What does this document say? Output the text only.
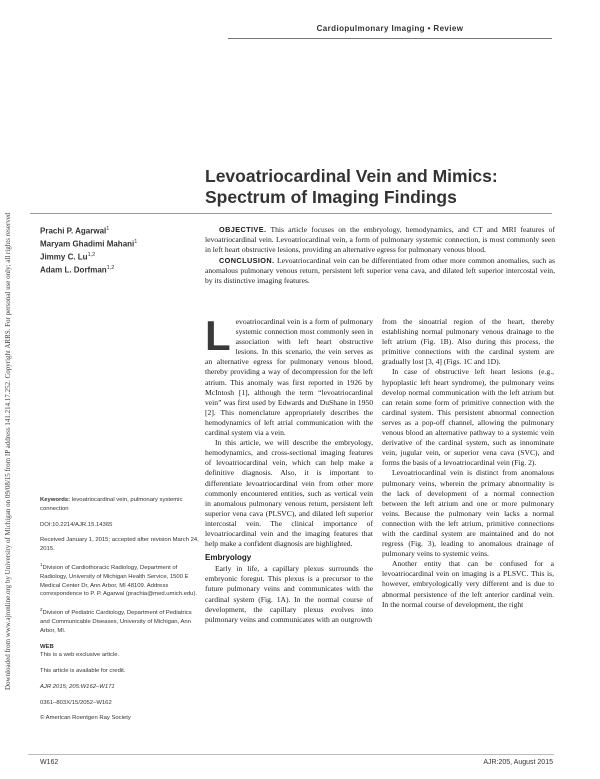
Cardiopulmonary Imaging • Review
Downloaded from www.ajronline.org by University of Michigan on 09/08/15 from IP address 141.214.17.252. Copyright ARRS. For personal use only; all rights reserved
Levoatriocardinal Vein and Mimics: Spectrum of Imaging Findings
Prachi P. Agarwal$^1$
Maryam Ghadimi Mahani$^1$
Jimmy C. Lu$^{1,2}$
Adam L. Dorfman$^{1,2}$

OBJECTIVE. This article focuses on the embryology, hemodynamics, and CT and MRI features of levoatriocardinal vein. Levoatriocardinal vein, a form of pulmonary systemic connection, is most commonly seen in left heart obstructive lesions, providing an alternative egress for pulmonary venous blood.

CONCLUSION. Levoatriocardinal vein can be differentiated from other more common anomalies, such as anomalous pulmonary venous return, persistent left superior vena cava, and dilated left superior intercostal vein, by its distinctive imaging features.

Levoatriocardinal vein is a form of pulmonary systemic connection most commonly seen in association with left heart obstructive lesions. In this scenario, the vein serves as an alternative egress for pulmonary venous blood, thereby providing a way of decompression for the left atrium. This anomaly was first reported in 1926 by McIntosh [1], although the term “levoatriocardinal vein” was first used by Edwards and DuShane in 1950 [2]. This nomenclature appropriately describes the hemodynamics of left atrial communication with the cardinal system via a vein.

In this article, we will describe the embryology, hemodynamics, and cross-sectional imaging features of levoatriocardinal vein, which can help make a definitive diagnosis. Also, it is important to differentiate levoatriocardinal vein from other more commonly encountered entities, such as vertical vein in anomalous pulmonary venous return, persistent left superior vena cava (PLSVC), and dilated left superior intercostal vein. The clinical importance of levoatriocardinal vein and the imaging features that help make a confident diagnosis are highlighted.

Embryology

Early in life, a capillary plexus surrounds the embryonic foregut. This plexus is a precursor to the future pulmonary veins and communicates with the cardinal system (Fig. 1A). In the normal course of development, the capillary plexus evolves into pulmonary veins and communicates with an outgrowth

from the sinoatrial region of the heart, thereby establishing normal pulmonary venous drainage to the left atrium (Fig. 1B). Also during this process, the primitive connections with the cardinal system are gradually lost [3, 4] (Figs. 1C and 1D).

In case of obstructive left heart lesions (e.g., hypoplastic left heart syndrome), the pulmonary veins develop normal communication with the left atrium but can retain some form of primitive connection with the cardinal system. This persistent abnormal connection serves as a pop-off channel, allowing the pulmonary venous blood an alternative pathway to a systemic vein derivative of the cardinal system, such as innominate vein, jugular vein, or superior vena cava (SVC), and forms the basis of a levoatriocardinal vein (Fig. 2).

Levoatriocardinal vein is distinct from anomalous pulmonary veins, wherein the primary abnormality is the lack of development of a normal connection between the left atrium and one or more pulmonary veins. Because the pulmonary vein lacks a normal connection with the left atrium, primitive connections with the cardinal system are maintained and do not regress (Fig. 3), leading to anomalous drainage of pulmonary veins to systemic veins.

Another entity that can be confused for a levoatriocardinal vein on imaging is a PLSVC. This is, however, embryologically very different and is due to abnormal persistence of the left anterior cardinal vein. In the normal course of development, the right

Keywords: levoatriocardinal vein, pulmonary systemic connection
DOI:10.2214/AJR.15.14365
Received January 1, 2015; accepted after revision March 24, 2015.
$^1$Division of Cardiothoracic Radiology, Department of Radiology, University of Michigan Health Service, 1500 E Medical Center Dr, Ann Arbor, MI 48109. Address correspondence to P. P. Agarwal (prachia@med.umich.edu).
$^2$Division of Pediatric Cardiology, Department of Pediatrics and Communicable Diseases, University of Michigan, Ann Arbor, MI.
WEB
This is a web exclusive article.
This article is available for credit.
AJR 2015; 205:W162–W171
0361–803X/15/2052–W162
© American Roentgen Ray Society
W162	AJR:205, August 2015
